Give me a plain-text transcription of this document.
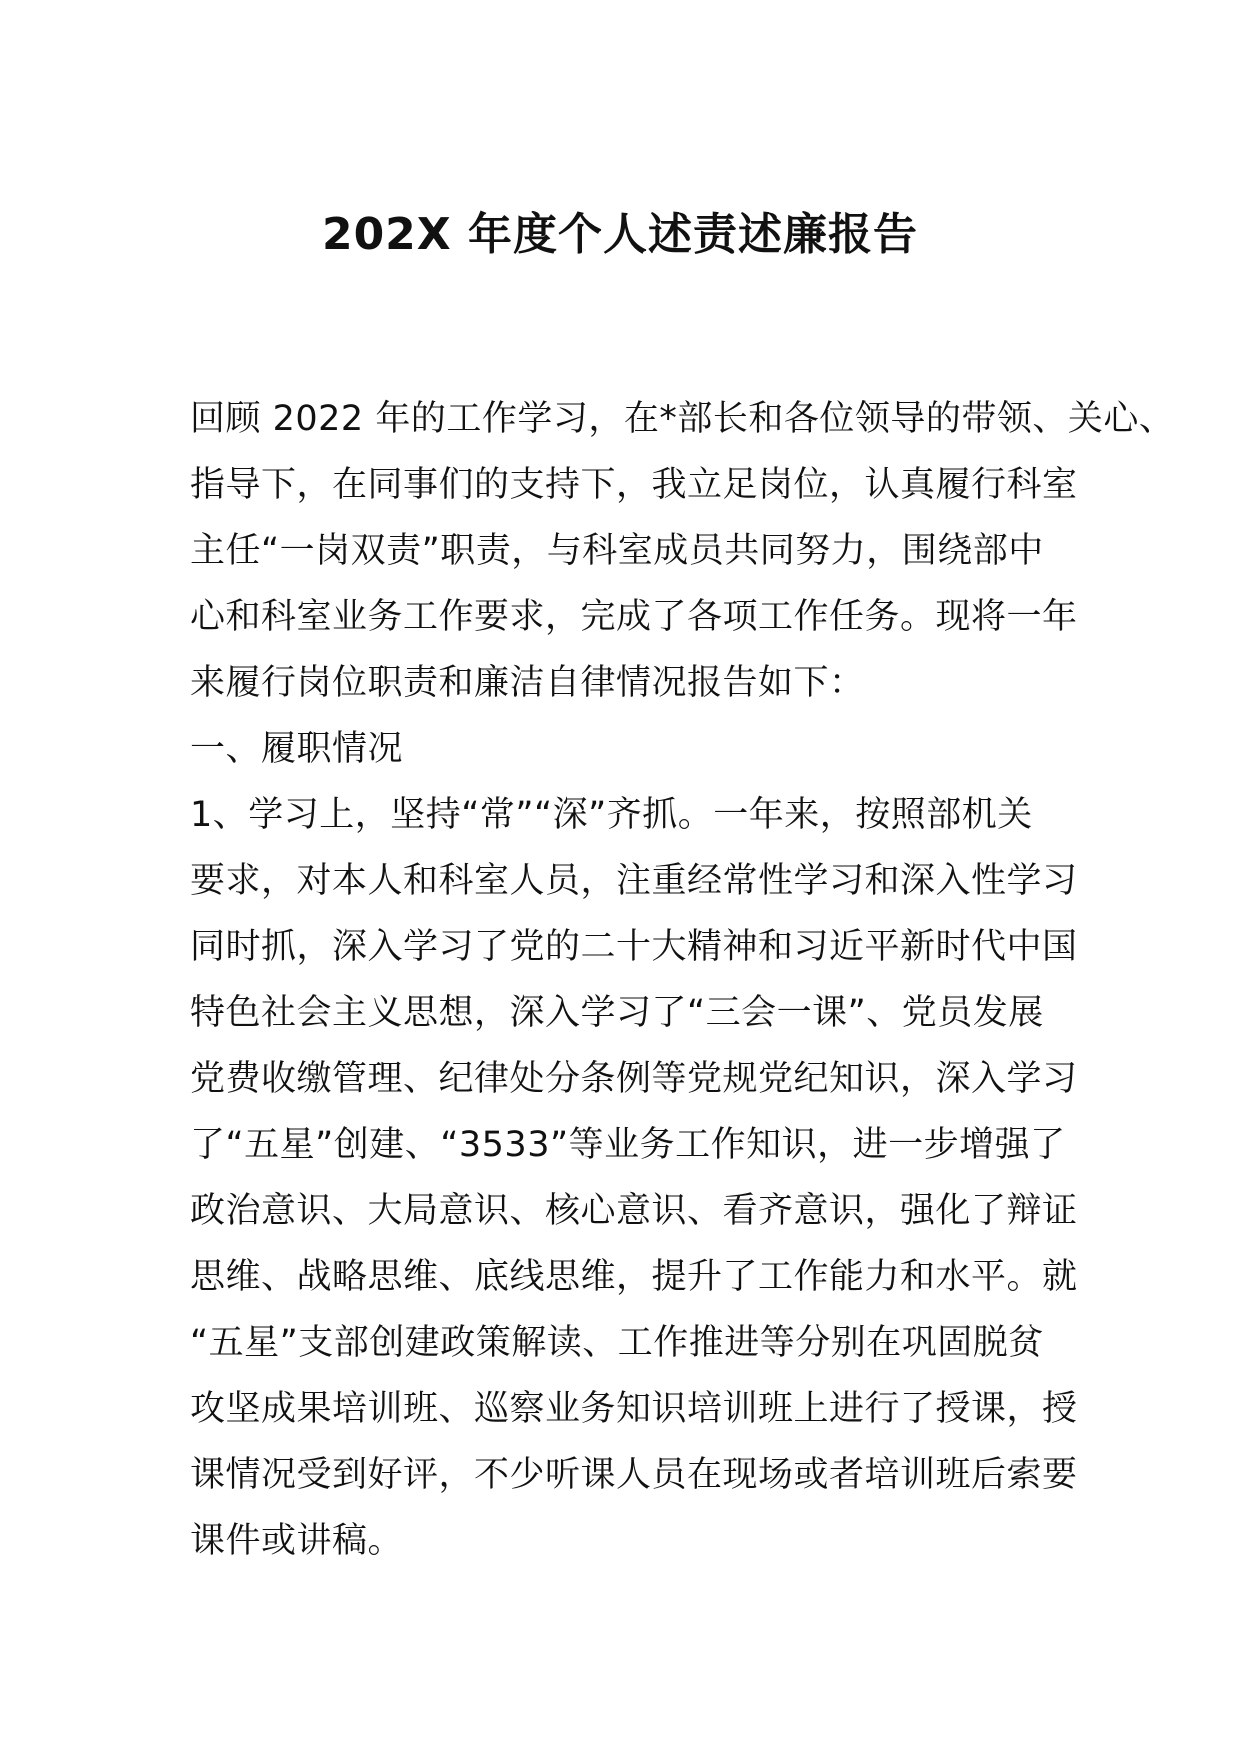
202X 年度个人述责述廉报告
回顾 2022 年的工作学习，在*部长和各位领导的带领、关心、
指导下，在同事们的支持下，我立足岗位，认真履行科室
主任“一岗双责”职责，与科室成员共同努力，围绕部中
心和科室业务工作要求，完成了各项工作任务。现将一年
来履行岗位职责和廉洁自律情况报告如下：
一、履职情况
1、学习上，坚持“常”“深”齐抓。一年来，按照部机关
要求，对本人和科室人员，注重经常性学习和深入性学习
同时抓，深入学习了党的二十大精神和习近平新时代中国
特色社会主义思想，深入学习了“三会一课”、党员发展
党费收缴管理、纪律处分条例等党规党纪知识，深入学习
了“五星”创建、“3533”等业务工作知识，进一步增强了
政治意识、大局意识、核心意识、看齐意识，强化了辩证
思维、战略思维、底线思维，提升了工作能力和水平。就
“五星”支部创建政策解读、工作推进等分别在巩固脱贫
攻坚成果培训班、巡察业务知识培训班上进行了授课，授
课情况受到好评，不少听课人员在现场或者培训班后索要
课件或讲稿。
